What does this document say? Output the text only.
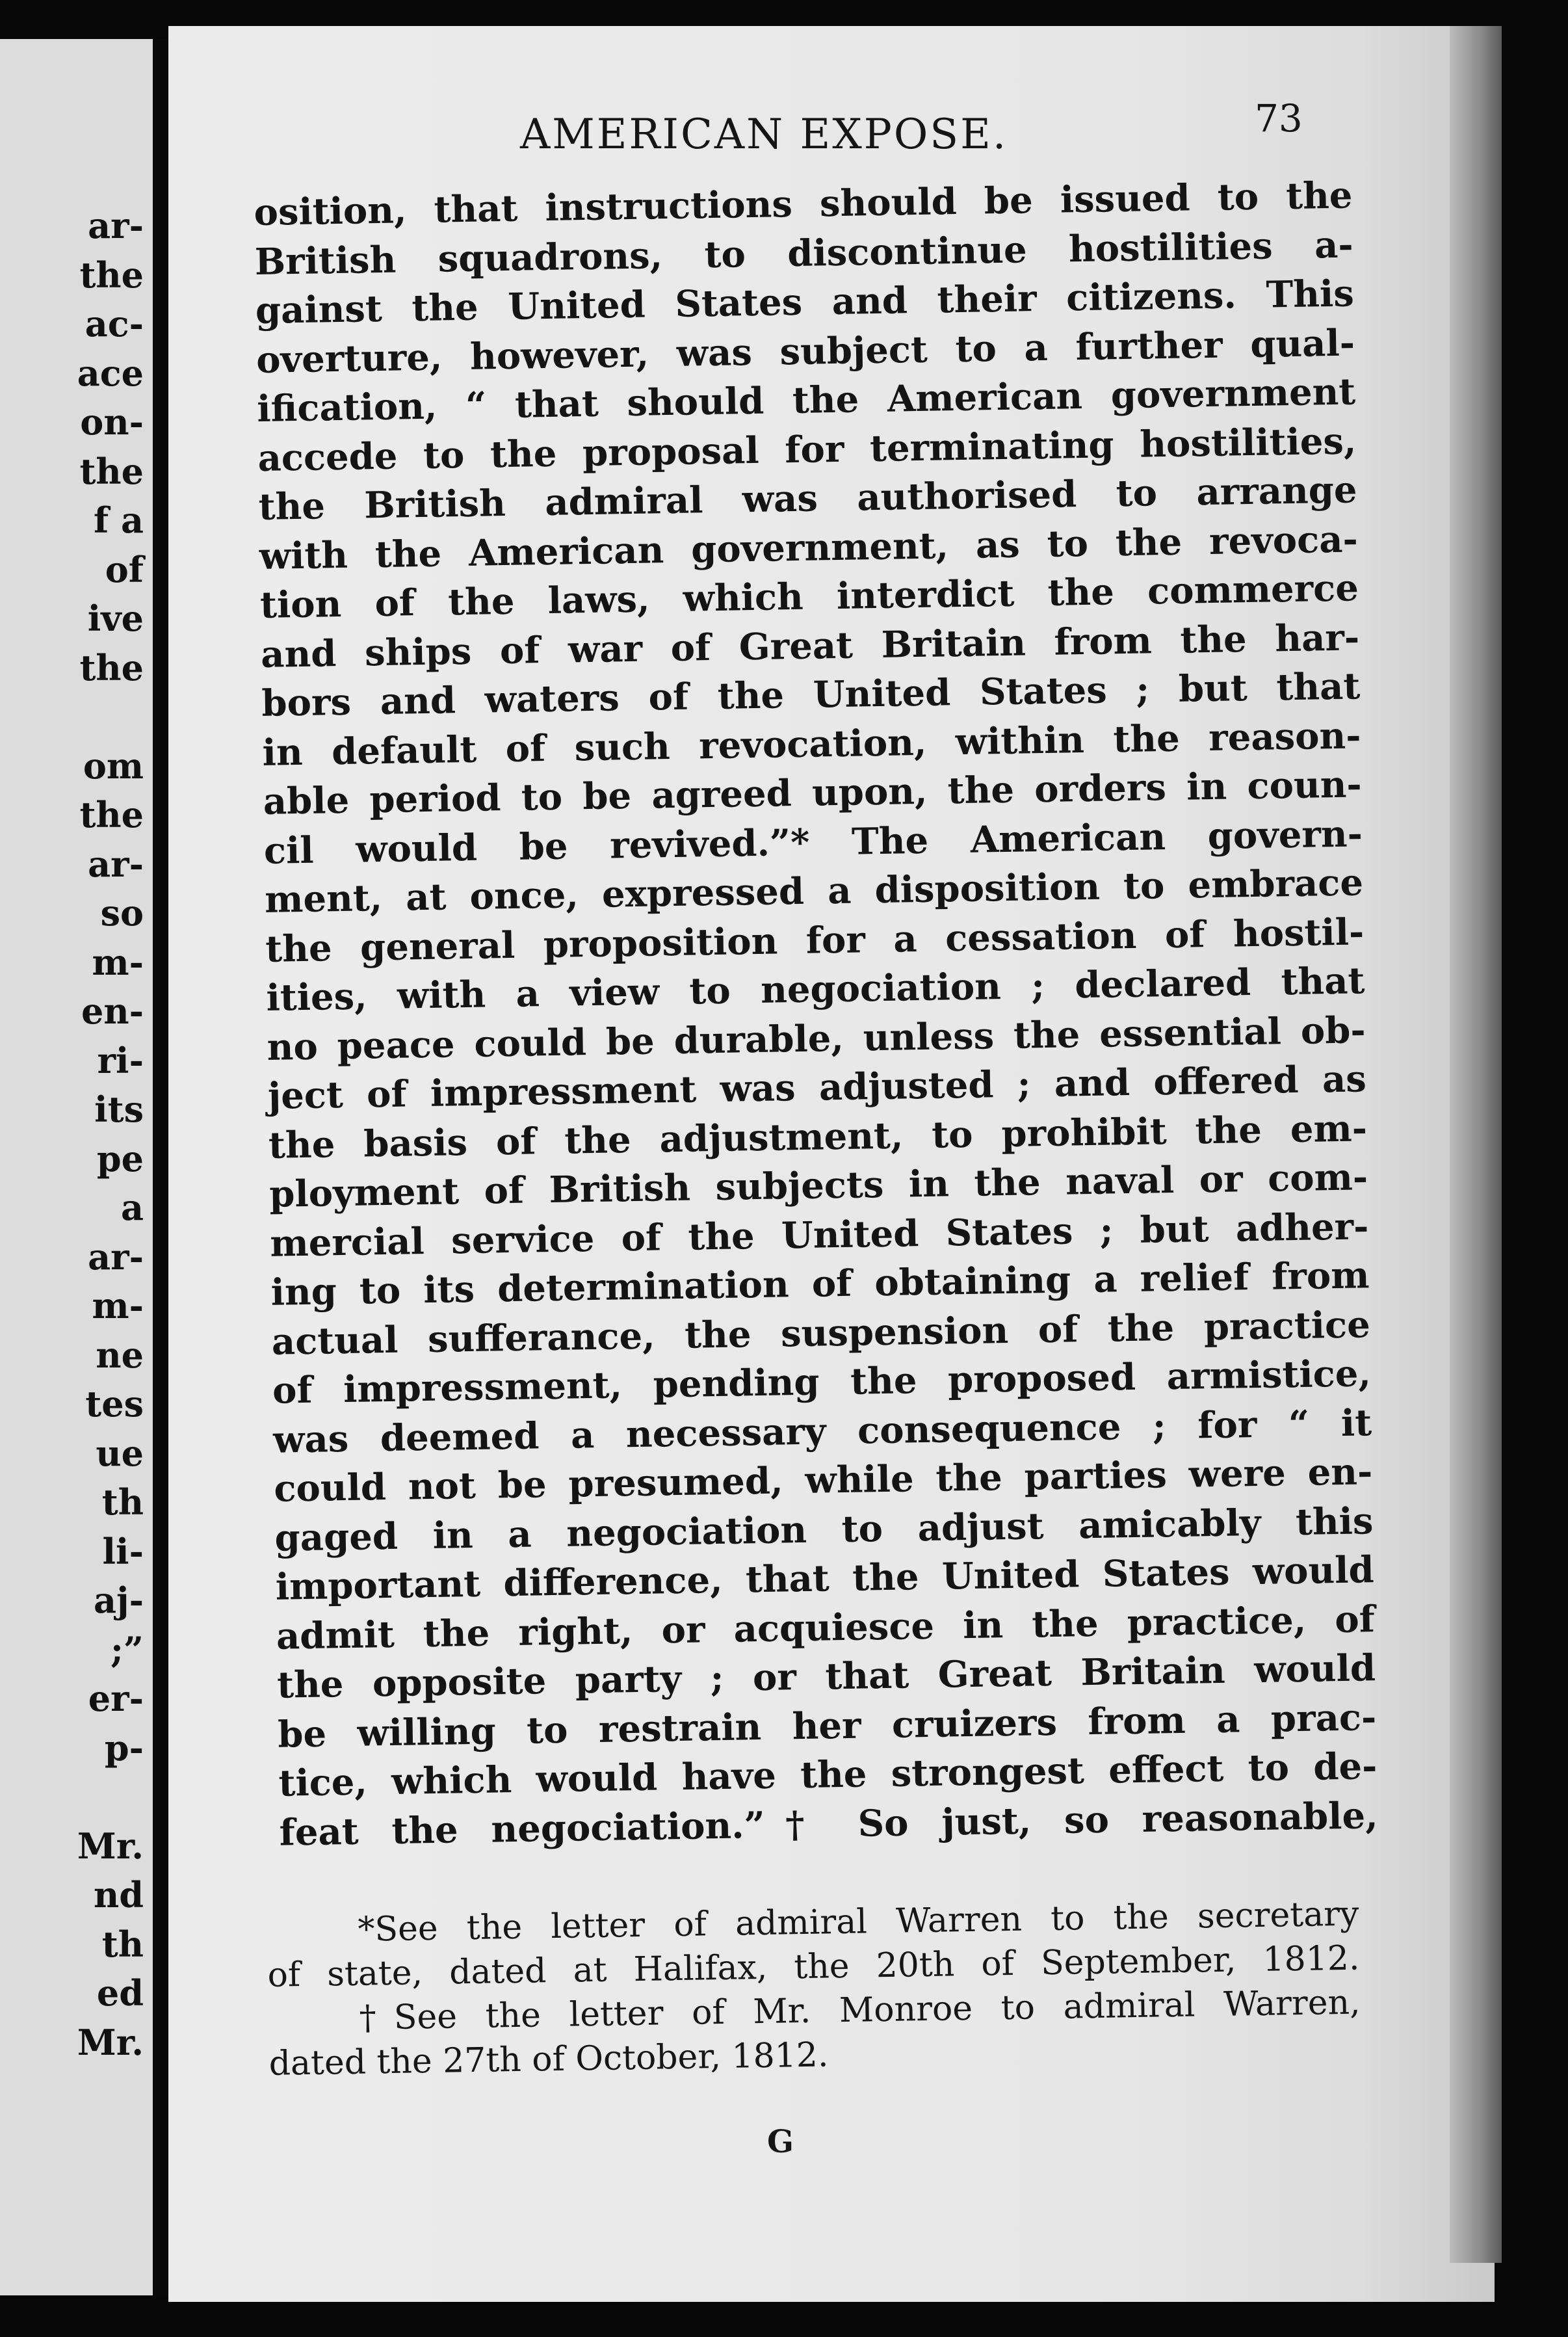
ar-
the
ac-
ace
on-
the
f a
of
ive
the
om
the
ar-
so
m-
en-
ri-
its
pe
a
ar-
m-
ne
tes
ue
th
li-
aj-
;”
er-
p-
Mr.
nd
th
ed
Mr.
AMERICAN EXPOSE.	73
osition, that instructions should be issued to the
British squadrons, to discontinue hostilities a-
gainst the United States and their citizens. This
overture, however, was subject to a further qual-
ification, “ that should the American government
accede to the proposal for terminating hostilities,
the British admiral was authorised to arrange
with the American government, as to the revoca-
tion of the laws, which interdict the commerce
and ships of war of Great Britain from the har-
bors and waters of the United States ; but that
in default of such revocation, within the reason-
able period to be agreed upon, the orders in coun-
cil would be revived.”* The American govern-
ment, at once, expressed a disposition to embrace
the general proposition for a cessation of hostil-
ities, with a view to negociation ; declared that
no peace could be durable, unless the essential ob-
ject of impressment was adjusted ; and offered as
the basis of the adjustment, to prohibit the em-
ployment of British subjects in the naval or com-
mercial service of the United States ; but adher-
ing to its determination of obtaining a relief from
actual sufferance, the suspension of the practice
of impressment, pending the proposed armistice,
was deemed a necessary consequence ; for “ it
could not be presumed, while the parties were en-
gaged in a negociation to adjust amicably this
important difference, that the United States would
admit the right, or acquiesce in the practice, of
the opposite party ; or that Great Britain would
be willing to restrain her cruizers from a prac-
tice, which would have the strongest effect to de-
feat the negociation.”† So just, so reasonable,
*See the letter of admiral Warren to the secretary
of state, dated at Halifax, the 20th of September, 1812.
†See the letter of Mr. Monroe to admiral Warren,
dated the 27th of October, 1812.
G
